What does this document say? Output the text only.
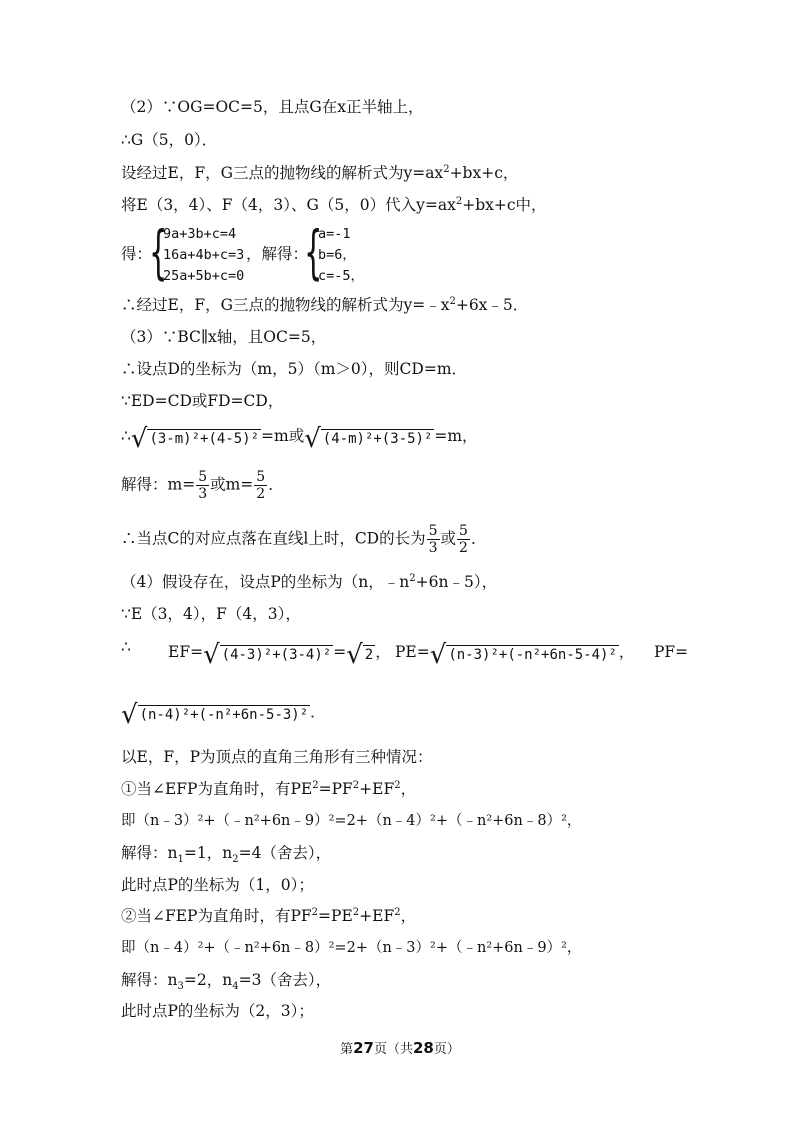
（2）∵OG=OC=5，且点G在x正半轴上，
∴G（5，0）．
设经过E，F，G三点的抛物线的解析式为$y=ax^2+bx+c$，
将E（3，4）、F（4，3）、G（5，0）代入$y=ax^2+bx+c$中，
得：
{
9a+3b+c=4
16a+4b+c=3
25a+5b+c=0
，解得：
{
a=-1
b=6，
c=-5，
∴经过E，F，G三点的抛物线的解析式为$y=﹣x^2+6x﹣5$．
（3）∵BC∥x轴，且OC=5，
∴设点D的坐标为（m，5）（m＞0），则CD=m．
∵ED=CD或FD=CD，
∴√ (3-m)²+(4-5)² =m或√ (4-m)²+(3-5)² =m，
解得：$m= \frac{5}{3}$ 或$m= \frac{5}{2}$ ．
∴当点C的对应点落在直线l上时，CD的长为 $\frac{5}{3}$ 或 $\frac{5}{2}$ ．
（4）假设存在，设点P的坐标为（n，$﹣n^2+6n﹣5$），
∵E（3，4），F（4，3），
∴ EF=√ (4-3)²+(3-4)² =√ 2 ， PE=√ (n-3)²+(-n²+6n-5-4)² ， PF=
√ (n-4)²+(-n²+6n-5-3)² ．
以E，F，P为顶点的直角三角形有三种情况：
①当∠EFP为直角时，有$PE^2=PF^2+EF^2$，
即（n﹣3）²+（﹣n²+6n﹣9）²=2+（n﹣4）²+（﹣n²+6n﹣8）²，
解得：$n_1=1$，$n_2=4$（舍去），
此时点P的坐标为（1，0）；
②当∠FEP为直角时，有$PF^2=PE^2+EF^2$，
即（n﹣4）²+（﹣n²+6n﹣8）²=2+（n﹣3）²+（﹣n²+6n﹣9）²，
解得：$n_3=2$，$n_4=3$（舍去），
此时点P的坐标为（2，3）；
第27页（共28页）
